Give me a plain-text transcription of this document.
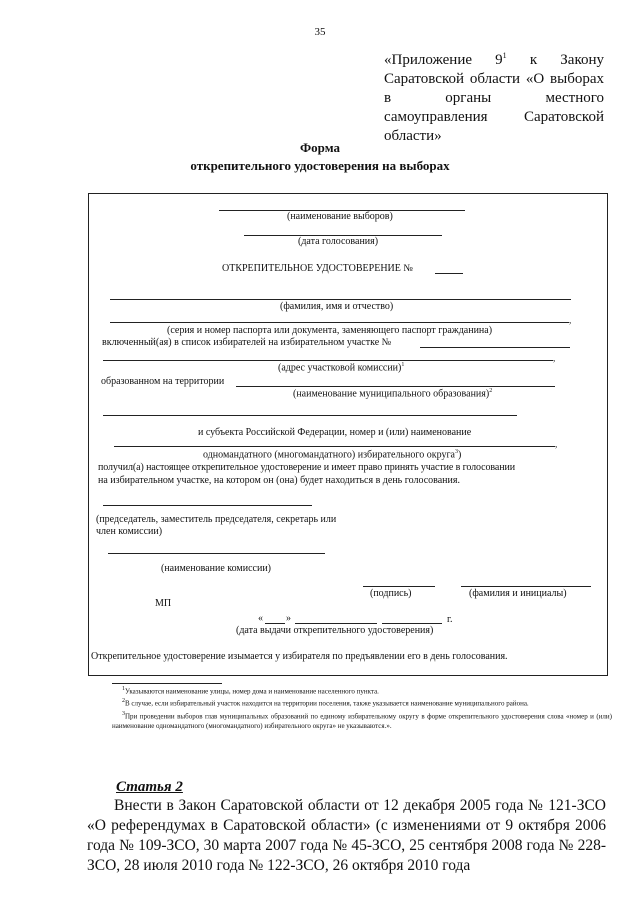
35
«Приложение $9^1$ к Закону Саратовской области «О выборах в органы местного самоуправления Саратовской области»
Форма
открепительного удостоверения на выборах
(наименование выборов)
(дата голосования)
ОТКРЕПИТЕЛЬНОЕ УДОСТОВЕРЕНИЕ №
(фамилия, имя и отчество)
,
(серия и номер паспорта или документа, заменяющего паспорт гражданина)
включенный(ая) в список избирателей на избирательном участке №
,
(адрес участковой комиссии)$^1$
образованном на территории
(наименование муниципального образования)$^2$
и субъекта Российской Федерации, номер и (или) наименование
,
одномандатного (многомандатного) избирательного округа$^3$)
получил(а) настоящее открепительное удостоверение и имеет право принять участие в голосовании
на избирательном участке, на котором он (она) будет находиться в день голосования.
(председатель, заместитель председателя, секретарь или
член комиссии)
(наименование комиссии)
(подпись)	(фамилия и инициалы)
МП
« »	г.
(дата выдачи открепительного удостоверения)
Открепительное удостоверение изымается у избирателя по предъявлении его в день голосования.

$^1$Указываются наименование улицы, номер дома и наименование населенного пункта.

$^2$В случае, если избирательный участок находится на территории поселения, также указывается наименование муниципального района.

$^3$При проведении выборов глав муниципальных образований по единому избирательному округу в форме открепительного удостоверения слова «номер и (или) наименование одномандатного (многомандатного) избирательного округа» не указываются.».

Статья 2
Внести в Закон Саратовской области от 12 декабря 2005 года № 121-ЗСО «О референдумах в Саратовской области» (с изменениями от 9 октября 2006 года № 109-ЗСО, 30 марта 2007 года № 45-ЗСО, 25 сентября 2008 года № 228-ЗСО, 28 июля 2010 года № 122-ЗСО, 26 октября 2010 года
